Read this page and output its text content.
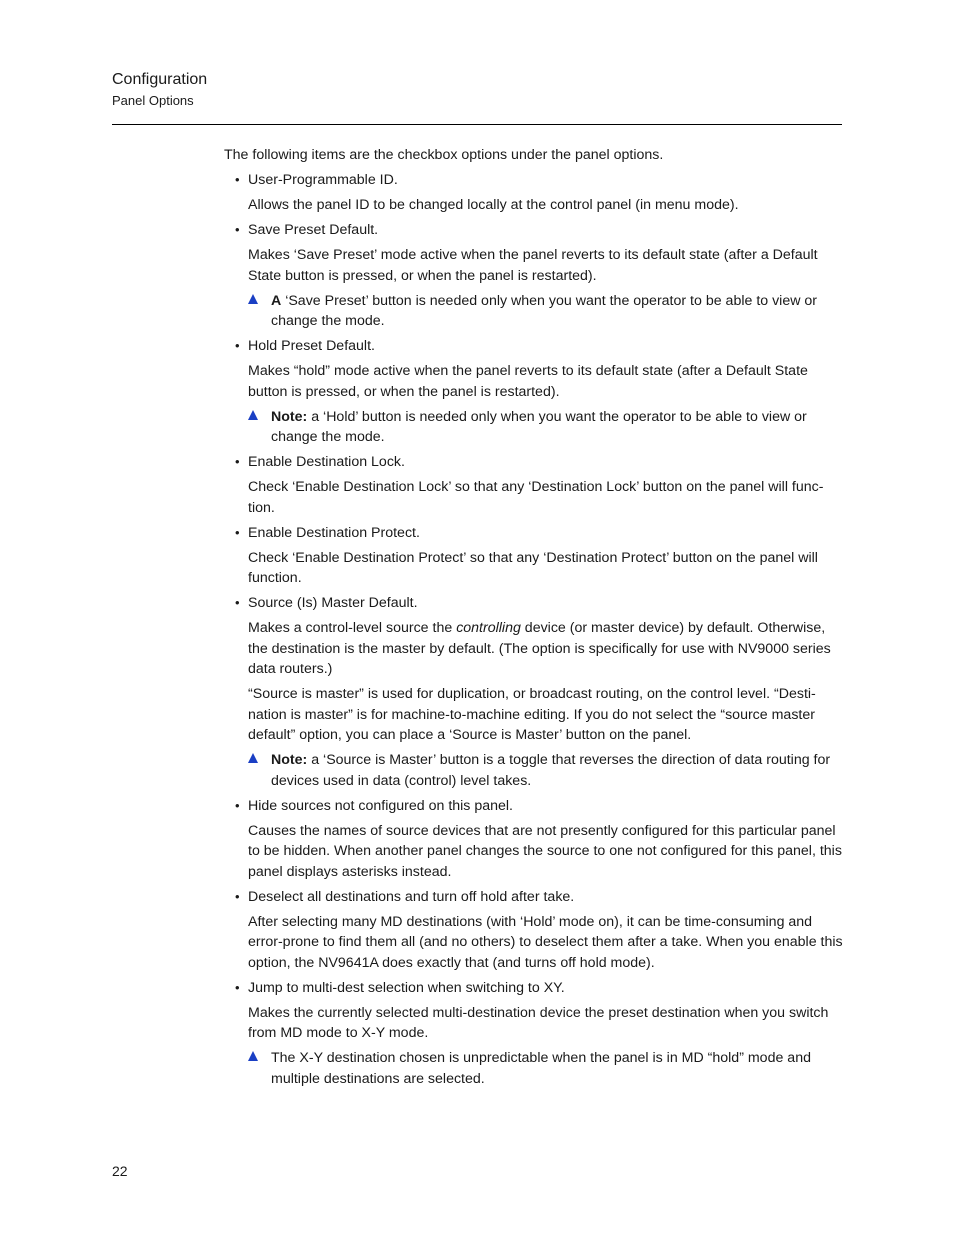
Configuration
Panel Options

The following items are the checkbox options under the panel options.

• User-Programmable ID.

Allows the panel ID to be changed locally at the control panel (in menu mode).

• Save Preset Default.

Makes ‘Save Preset’ mode active when the panel reverts to its default state (after a Default State button is pressed, or when the panel is restarted).

A ‘Save Preset’ button is needed only when you want the operator to be able to view or change the mode.
• Hold Preset Default.

Makes “hold” mode active when the panel reverts to its default state (after a Default State button is pressed, or when the panel is restarted).

Note: a ‘Hold’ button is needed only when you want the operator to be able to view or change the mode.
• Enable Destination Lock.

Check ‘Enable Destination Lock’ so that any ‘Destination Lock’ button on the panel will function.

• Enable Destination Protect.

Check ‘Enable Destination Protect’ so that any ‘Destination Protect’ button on the panel will function.

• Source (Is) Master Default.

Makes a control-level source the controlling device (or master device) by default. Otherwise, the destination is the master by default. (The option is specifically for use with NV9000 series data routers.)

“Source is master” is used for duplication, or broadcast routing, on the control level. “Destination is master” is for machine-to-machine editing. If you do not select the “source master default” option, you can place a ‘Source is Master’ button on the panel.

Note: a ‘Source is Master’ button is a toggle that reverses the direction of data routing for devices used in data (control) level takes.
• Hide sources not configured on this panel.

Causes the names of source devices that are not presently configured for this particular panel to be hidden. When another panel changes the source to one not configured for this panel, this panel displays asterisks instead.

• Deselect all destinations and turn off hold after take.

After selecting many MD destinations (with ‘Hold’ mode on), it can be time-consuming and error-prone to find them all (and no others) to deselect them after a take. When you enable this option, the NV9641A does exactly that (and turns off hold mode).

• Jump to multi-dest selection when switching to XY.

Makes the currently selected multi-destination device the preset destination when you switch from MD mode to X-Y mode.

The X-Y destination chosen is unpredictable when the panel is in MD “hold” mode and multiple destinations are selected.
22
